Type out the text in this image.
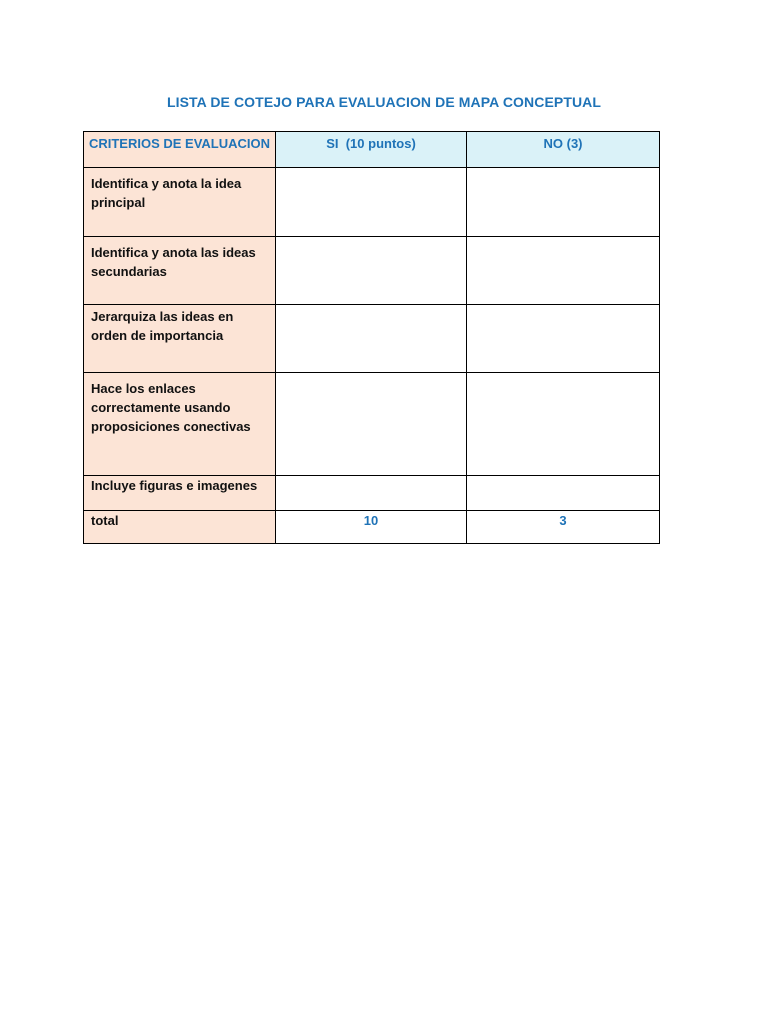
LISTA DE COTEJO PARA EVALUACION DE MAPA CONCEPTUAL
CRITERIOS DE EVALUACION	SI  (10 puntos)	NO (3)

Identifica y anota la idea principal		

Identifica y anota las ideas secundarias		

Jerarquiza las ideas en orden de importancia		

Hace los enlaces correctamente usando proposiciones conectivas		

Incluye figuras e imagenes		

total	10	3
